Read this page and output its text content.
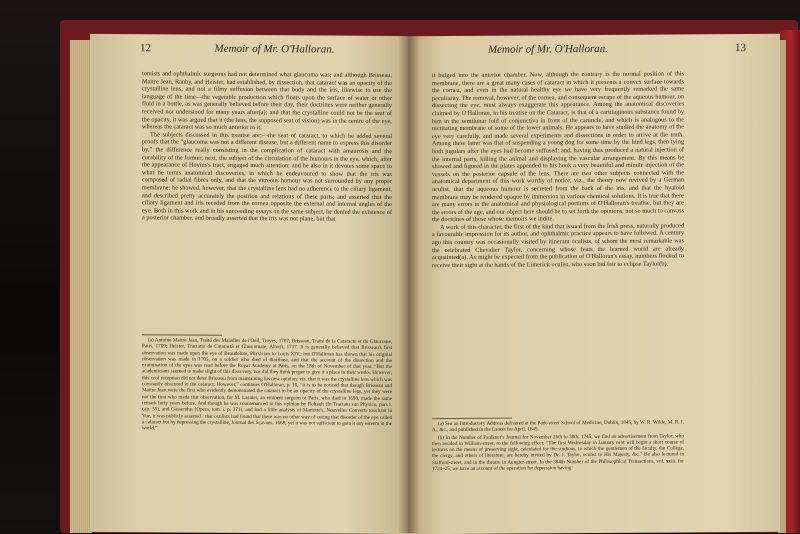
12	Memoir of Mr. O'Halloran.

tomists and ophthalmic surgeons had not determined what glaucoma was; and although Brisseau, Maitre Jean, Ranby, and Heister, had established, by dissection, that cataract was an opacity of the crystalline lens, and not a filmy suffusion between that body and the iris, likewise to use the language of the time—the vegetable production which floats upon the surface of water or other fluid in a bottle, as was generally believed before their day, their doctrines were neither generally received nor understood for many years after(a); and that the crystalline could not be the seat of the opacity, it was argued that it (the lens, the supposed seat of vision) was in the centre of the eye, whereas the cataract was so much anterior to it.

The subjects discussed in this treatise are;—the seat of cataract, to which he added several proofs that the “glaucoma was not a different disease, but a different name to express this disorder by,” the difference really consisting in the complication of cataract with amaurosis and the curability of the former; next, the subject of the circulation of the humours in the eye, which, after the appearance of Hovius's tract, engaged much attention; and he also in it devotes some space to what he terms anatomical discoveries, in which he endeavoured to show that the iris was composed of radial fibres only, and that the vitreous humour was not surrounded by any proper membrane: he showed, however, that the crystalline lens had no adherence to the ciliary ligament, and described pretty accurately the position and relations of these parts; and asserted that the ciliary ligament and iris receded from the cornea opposite the external and internal angles of the eye. Both in this work and in his succeeding essays on the same subject, he denied the existence of a posterior chamber, and broadly asserted that the iris was not plane, but that

(a) Antoine Maitre Jean, Traité des Maladies de l'Oeil, Troyes, 1707; Brisseau, Traité de la Cataracte et du Glaucome, Paris, 1709; Heister, Tractatio de Cataractâ et Glaucomate, Altorfi, 1717. It is generally believed that Brisseau's first observation was made upon the eye of Beaudelote, Physician to Louis XIV.; but O'Halloran has shown that his original observation was made in 1705, on a soldier who died of diarrhœa, and that the account of the dissection and the examination of the eyes was read before the Royal Academy at Paris, on the 18th of November of that year. “But the academicians seemed to make slight of this discovery, nor did they think proper to give it a place in their works. However, this cool reception did not deter Brisseau from maintaining his new opinion: viz. that it was the crystalline lens which was constantly obscured in the cataract. However,” continues O'Halloran, p. 10, “it is to be noticed that though Brisseau and Maitre Jean were the first who evidently demonstrated the cataract to be an opacity of the crystalline lens, yet they were not the first who made that observation, for M. Lasnier, an eminent surgeon of Paris, who died in 1690, made the same remark forty years before. And though he was countenanced in this opinion by Rohault (In Tractatu suo Physico, pars i. cap. 35), and Gassendus (Opera, tom. i. p. 371); and had a little analysis of Mariotte's, Nouvelles Converts touchant la Vue, it was publicly asserted · that oculists had found that there was no other way of curing that disorder of the eye called a cataract but by depressing the crystalline, Journal des Sçavans, 1668; yet it was not sufficient to gain it any esteem in the world.”

Memoir of Mr. O'Halloran.	13

it bulged into the anterior chamber. Now, although the contrary is the normal position of this membrane, there are a great many cases of cataract in which it presents a convex surface towards the cornea, and even in the natural healthy eye we have very frequently remarked the same peculiarity. The removal, however, of the cornea, and consequent escape of the aqueous humour, on dissecting the eye, must always exaggerate this appearance. Among the anatomical discoveries claimed by O'Halloran, in his treatise on the Cataract, is that of a cartilaginous substance found by him in the semilunar fold of conjunctiva in front of the caruncle, and which is analogous to the nictitating membrane of some of the lower animals. He appears to have studied the anatomy of the eye very carefully, and made several experiments and dissections in order to arrive at the truth. Among these latter was that of suspending a young dog for some time by the hind legs, then tying both jugulars after the eyes had become suffused; and, having thus produced a natural injection of the internal parts, killing the animal and displaying the vascular arrangement. By this means he showed and figured in the plates appended to his book a very beautiful and minute injection of the vessels on the posterior capsule of the lens. There are two other subjects connected with the anatomical department of this work worthy of notice, viz., the theory now revived by a German oculist, that the aqueous humour is secreted from the back of the iris, and that the hyaloid membrane may be rendered opaque by immersion in various chemical solutions. It is true that there are many errors in the anatomical and physiological portions of O'Halloran's treatise, but they are the errors of the age, and our object here should be to set forth the opinions, not so much to canvass the doctrines of those whose memoirs we indite.

A work of this character, the first of the kind that issued from the Irish press, naturally produced a favourable impression for its author, and ophthalmic practice appears to have followed. A century ago this country was occasionally visited by itinerant oculists, of whom the most remarkable was the celebrated Chevalier Taylor, concerning whose feats the learned world are already acquainted(a). As might be expected from the publication of O'Halloran's essay, numbers flocked to receive their sight at the hands of the Limerick oculist, who soon bid fair to eclipse Taylor(b).

(a) See an Introductory Address delivered at the Park-street School of Medicine, Dublin, 1845, by W. R. Wilde, M. R. I. A., &c., and published in the Lancet for April, 1845.

(b) In the Number of Faulkner's Journal for November 26th to 30th, 1745, we find an advertisement from Taylor, who then resided in William-street, to the following effect: “The first Wednesday in January next will begin a short course of lectures on the means of preserving sight, calculated for the studious, to which the gentlemen of the faculty, the College, the clergy, and others of literature, are hereby invited by Dr. J. Taylor, oculist to His Majesty, &c.” He also lectured in Stafford-street, and in the theatre in Aungier-street. In the 384th Number of the Philosophical Transactions, vol. xxiii. for 1724–25, we have an account of the operation for depression having
